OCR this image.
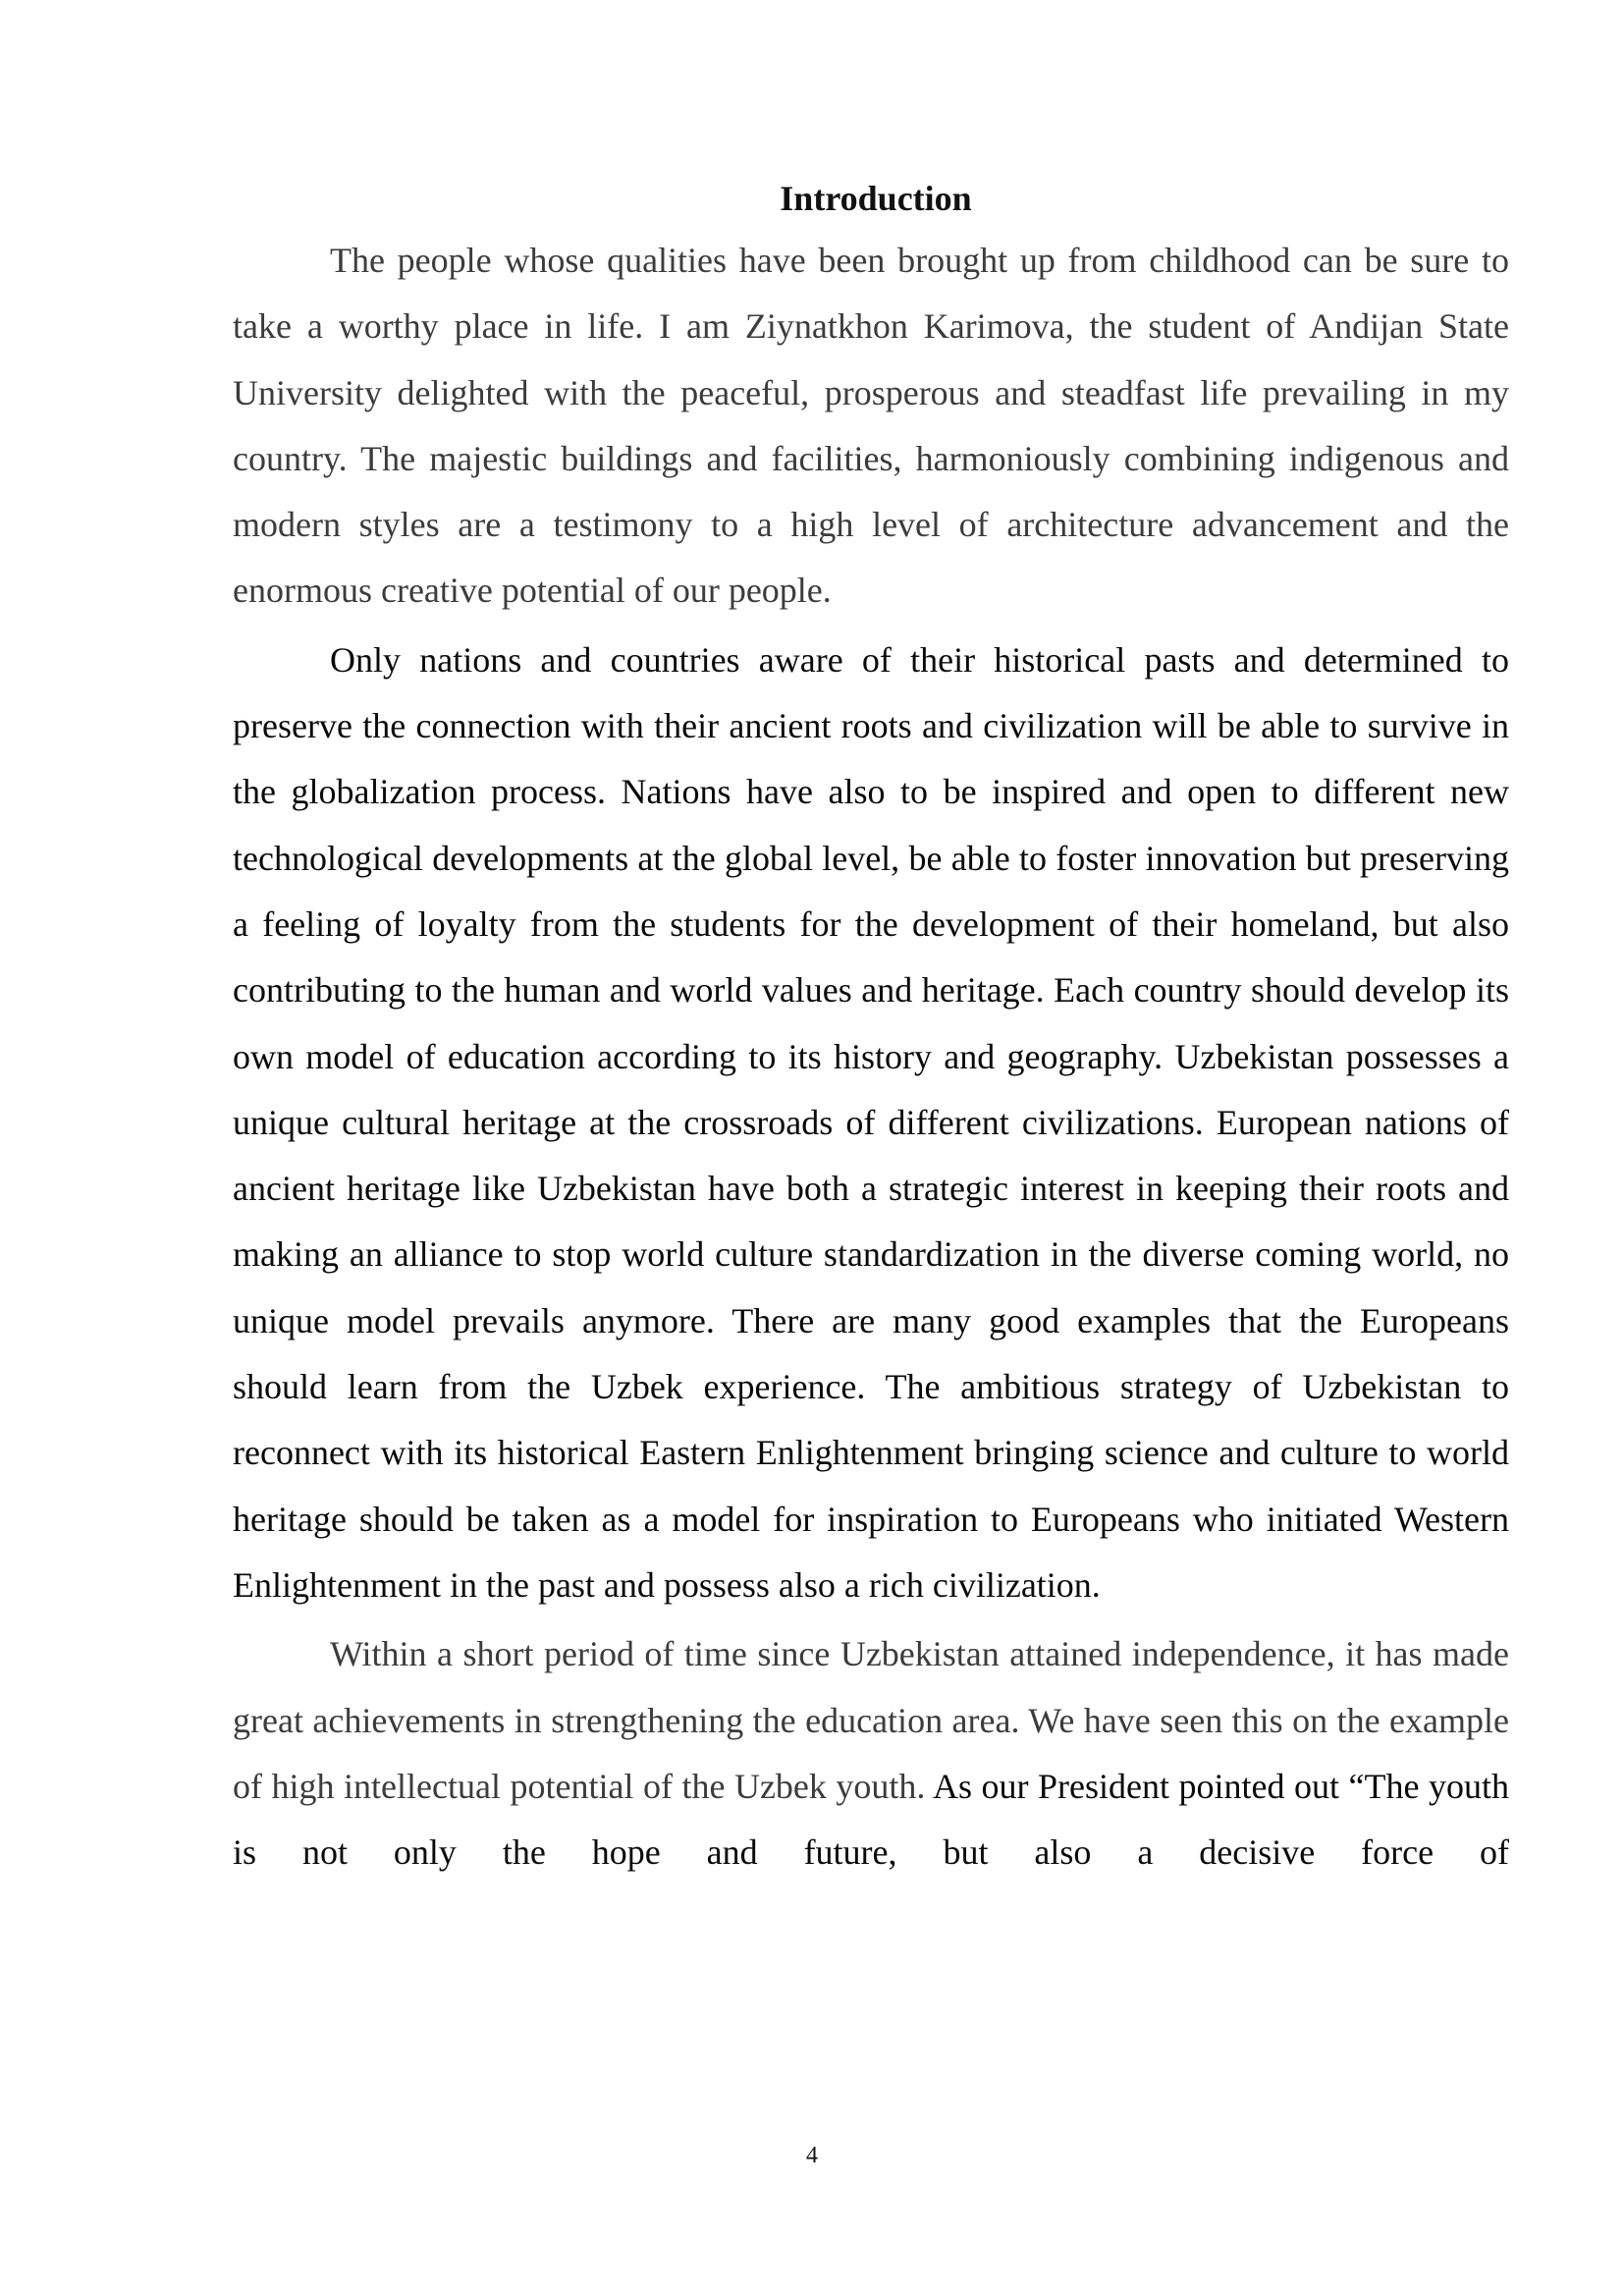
Introduction

The people whose qualities have been brought up from childhood can be sure to take a worthy place in life. I am Ziynatkhon Karimova, the student of Andijan State University delighted with the peaceful, prosperous and steadfast life prevailing in my country. The majestic buildings and facilities, harmoniously combining indigenous and modern styles are a testimony to a high level of architecture advancement and the enormous creative potential of our people.

Only nations and countries aware of their historical pasts and determined to preserve the connection with their ancient roots and civilization will be able to survive in the globalization process. Nations have also to be inspired and open to different new technological developments at the global level, be able to foster innovation but preserving a feeling of loyalty from the students for the development of their homeland, but also contributing to the human and world values and heritage. Each country should develop its own model of education according to its history and geography. Uzbekistan possesses a unique cultural heritage at the crossroads of different civilizations. European nations of ancient heritage like Uzbekistan have both a strategic interest in keeping their roots and making an alliance to stop world culture standardization in the diverse coming world, no unique model prevails anymore. There are many good examples that the Europeans should learn from the Uzbek experience. The ambitious strategy of Uzbekistan to reconnect with its historical Eastern Enlightenment bringing science and culture to world heritage should be taken as a model for inspiration to Europeans who initiated Western Enlightenment in the past and possess also a rich civilization.

Within a short period of time since Uzbekistan attained independence, it has made great achievements in strengthening the education area. We have seen this on the example of high intellectual potential of the Uzbek youth. As our President pointed out “The youth is not only the hope and future, but also a decisive force of

4
